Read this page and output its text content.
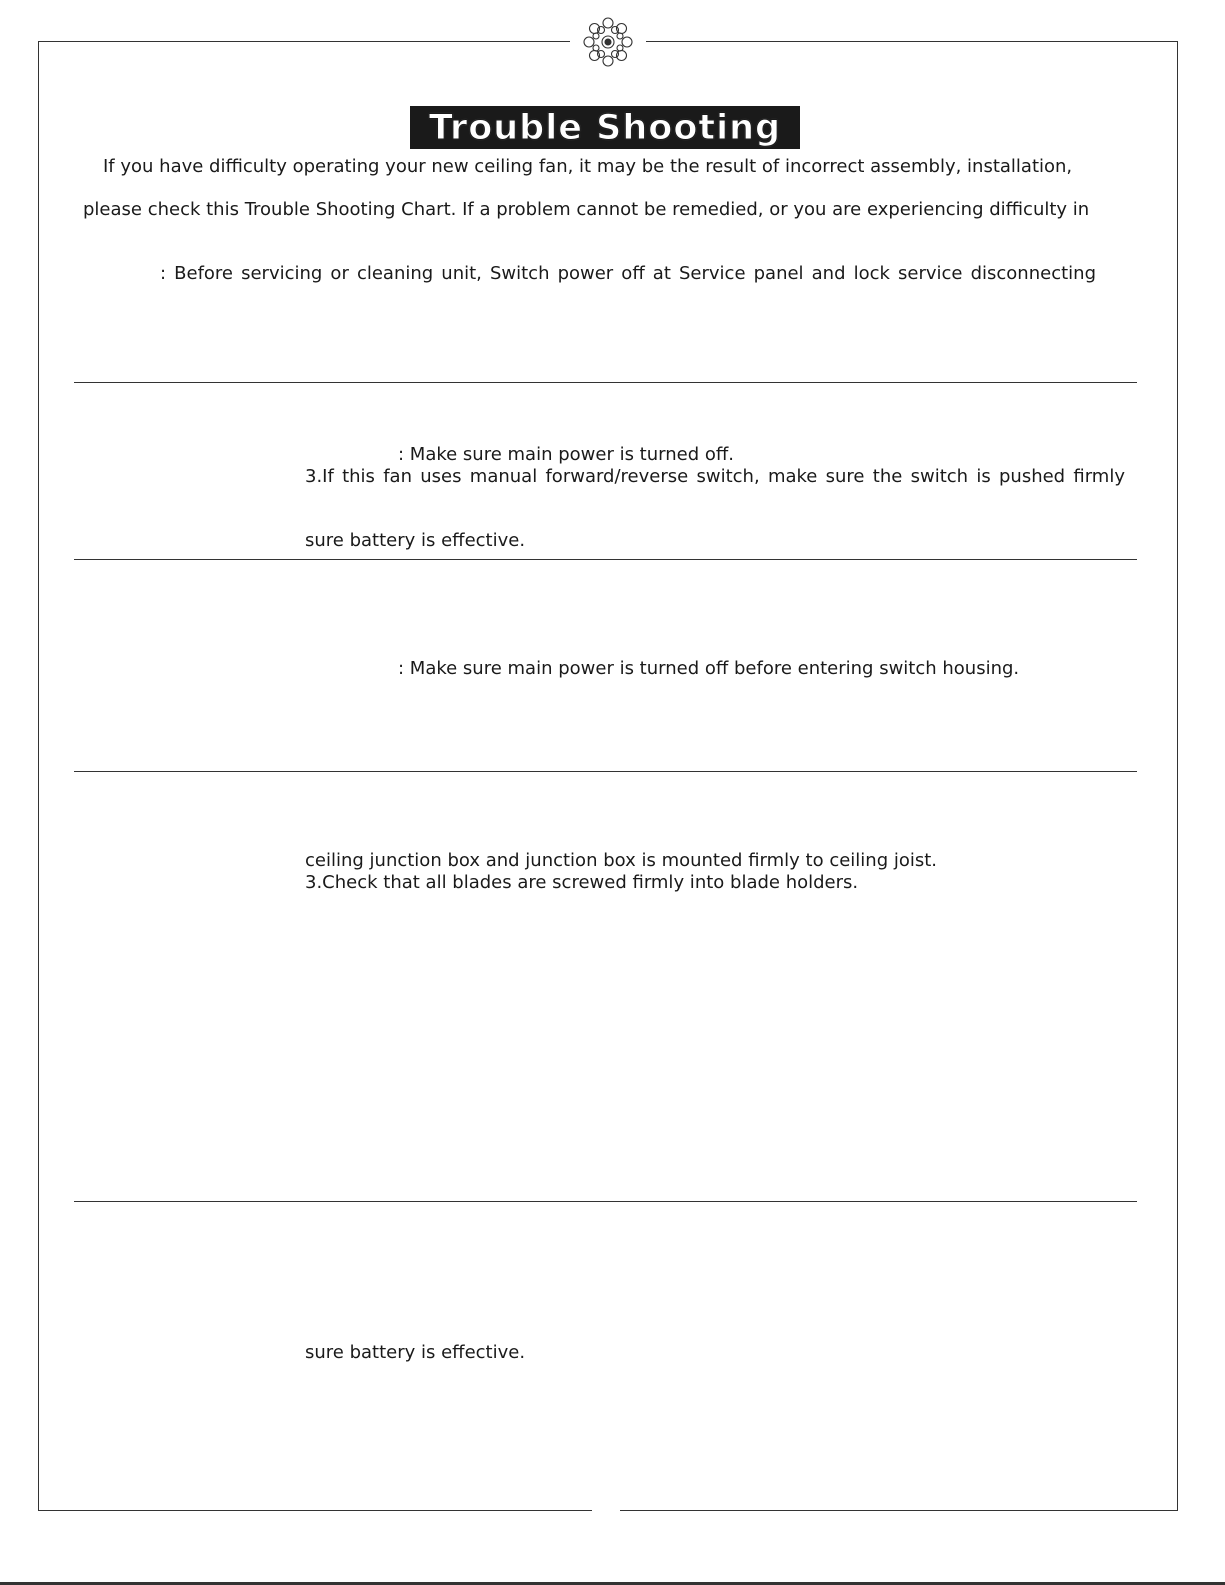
Trouble Shooting
If you have difficulty operating your new ceiling fan, it may be the result of incorrect assembly, installation,
please check this Trouble Shooting Chart. If a problem cannot be remedied, or you are experiencing difficulty in
: Before servicing or cleaning unit, Switch power off at Service panel and lock service disconnecting
: Make sure main power is turned off.
3.If this fan uses manual forward/reverse switch, make sure the switch is pushed firmly
sure battery is effective.
: Make sure main power is turned off before entering switch housing.
ceiling junction box and junction box is mounted firmly to ceiling joist.
3.Check that all blades are screwed firmly into blade holders.
sure battery is effective.
